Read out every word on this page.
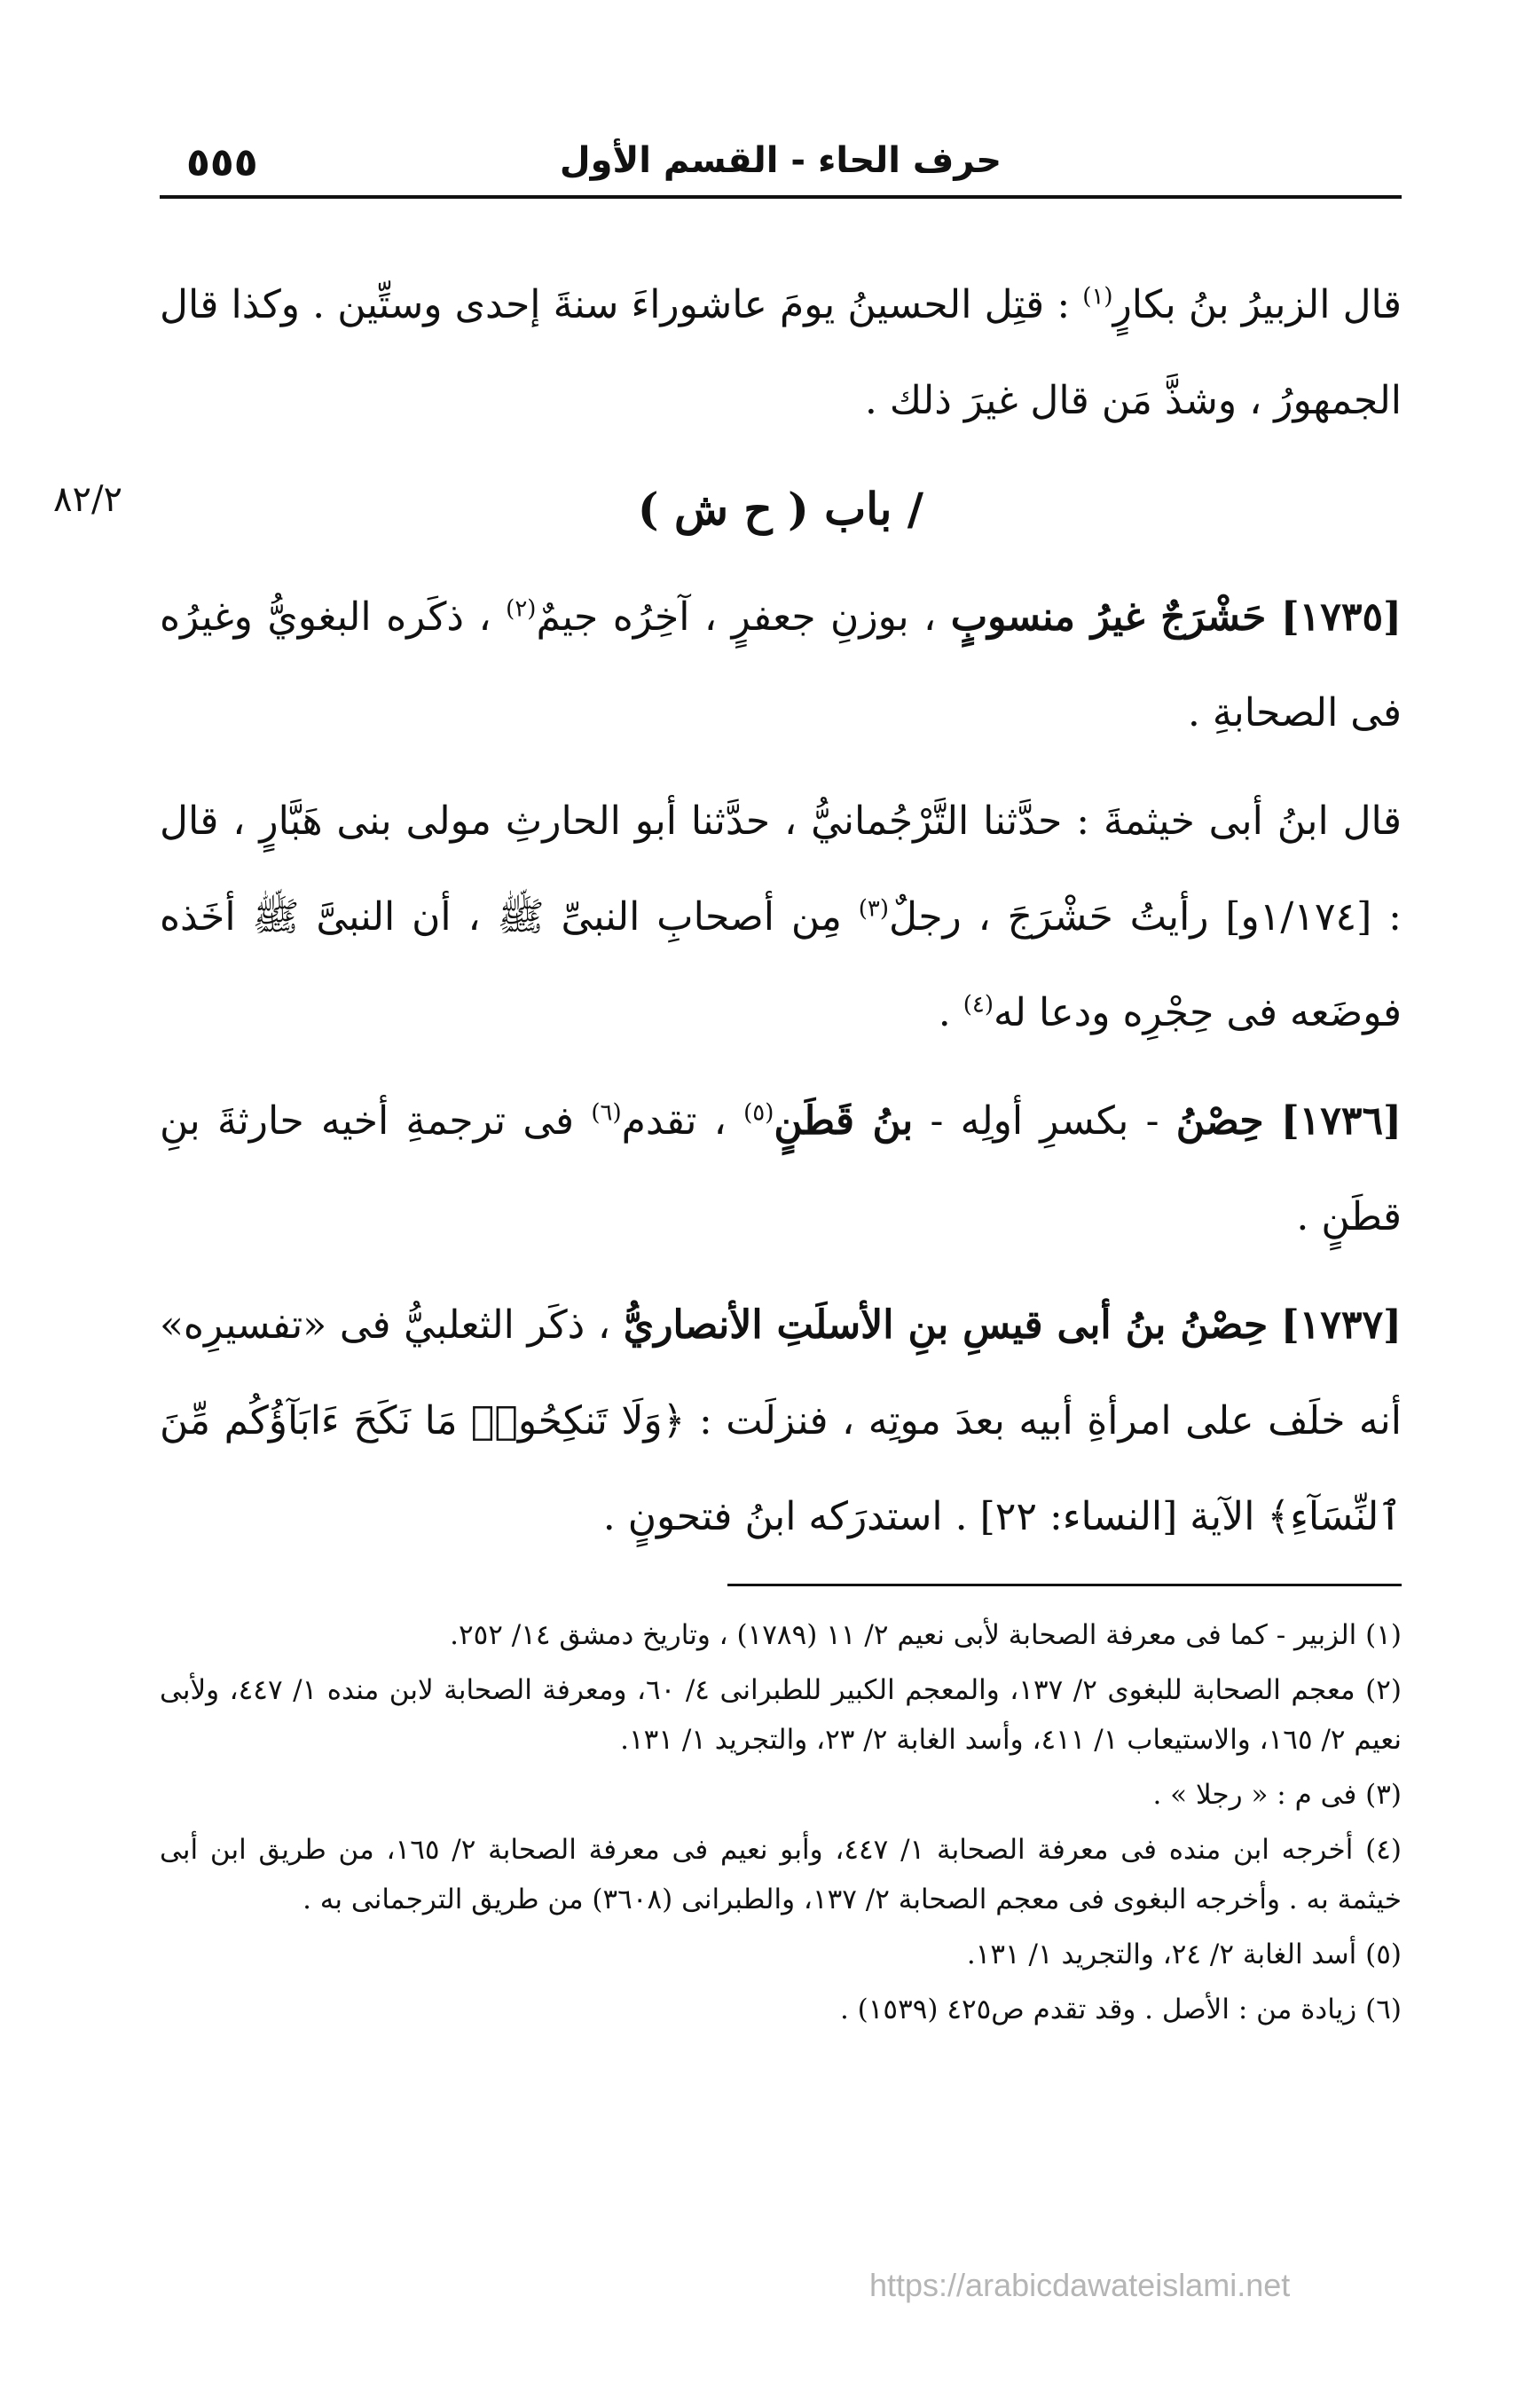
٥٥٥	حرف الحاء - القسم الأول
٨٢/٢

قال الزبيرُ بنُ بكارٍ$^{(١)}$ : قتِل الحسينُ يومَ عاشوراءَ سنةَ إحدى وستِّين . وكذا قال الجمهورُ ، وشذَّ مَن قال غيرَ ذلك .

/ باب ( ح ش )

[١٧٣٥] حَشْرَجٌ غيرُ منسوبٍ ، بوزنِ جعفرٍ ، آخِرُه جيمٌ$^{(٢)}$ ، ذكَره البغويُّ وغيرُه فى الصحابةِ .

قال ابنُ أبى خيثمةَ : حدَّثنا التَّرْجُمانيُّ ، حدَّثنا أبو الحارثِ مولى بنى هَبَّارٍ ، قال : [١/١٧٤و] رأيتُ حَشْرَجَ ، رجلٌ$^{(٣)}$ مِن أصحابِ النبىِّ ﷺ ، أن النبىَّ ﷺ أخَذه فوضَعه فى حِجْرِه ودعا له$^{(٤)}$ .

[١٧٣٦] حِصْنُ - بكسرِ أولِه - بنُ قَطَنٍ$^{(٥)}$ ، تقدم$^{(٦)}$ فى ترجمةِ أخيه حارثةَ بنِ قطَنٍ .

[١٧٣٧] حِصْنُ بنُ أبى قيسِ بنِ الأسلَتِ الأنصاريُّ ، ذكَر الثعلبيُّ فى «تفسيرِه» أنه خلَف على امرأةِ أبيه بعدَ موتِه ، فنزلَت : ﴿وَلَا تَنكِحُوا۟ مَا نَكَحَ ءَابَآؤُكُم مِّنَ ٱلنِّسَآءِ﴾ الآية [النساء: ٢٢] . استدرَكه ابنُ فتحونٍ .

(١) الزبير - كما فى معرفة الصحابة لأبى نعيم ٢/ ١١ (١٧٨٩) ، وتاريخ دمشق ١٤/ ٢٥٢.

(٢) معجم الصحابة للبغوى ٢/ ١٣٧، والمعجم الكبير للطبرانى ٤/ ٦٠، ومعرفة الصحابة لابن منده ١/ ٤٤٧، ولأبى نعيم ٢/ ١٦٥، والاستيعاب ١/ ٤١١، وأسد الغابة ٢/ ٢٣، والتجريد ١/ ١٣١.

(٣) فى م : « رجلا » .

(٤) أخرجه ابن منده فى معرفة الصحابة ١/ ٤٤٧، وأبو نعيم فى معرفة الصحابة ٢/ ١٦٥، من طريق ابن أبى خيثمة به . وأخرجه البغوى فى معجم الصحابة ٢/ ١٣٧، والطبرانى (٣٦٠٨) من طريق الترجمانى به .

(٥) أسد الغابة ٢/ ٢٤، والتجريد ١/ ١٣١.

(٦) زيادة من : الأصل . وقد تقدم ص٤٢٥ (١٥٣٩) .

https://arabicdawateislami.net
